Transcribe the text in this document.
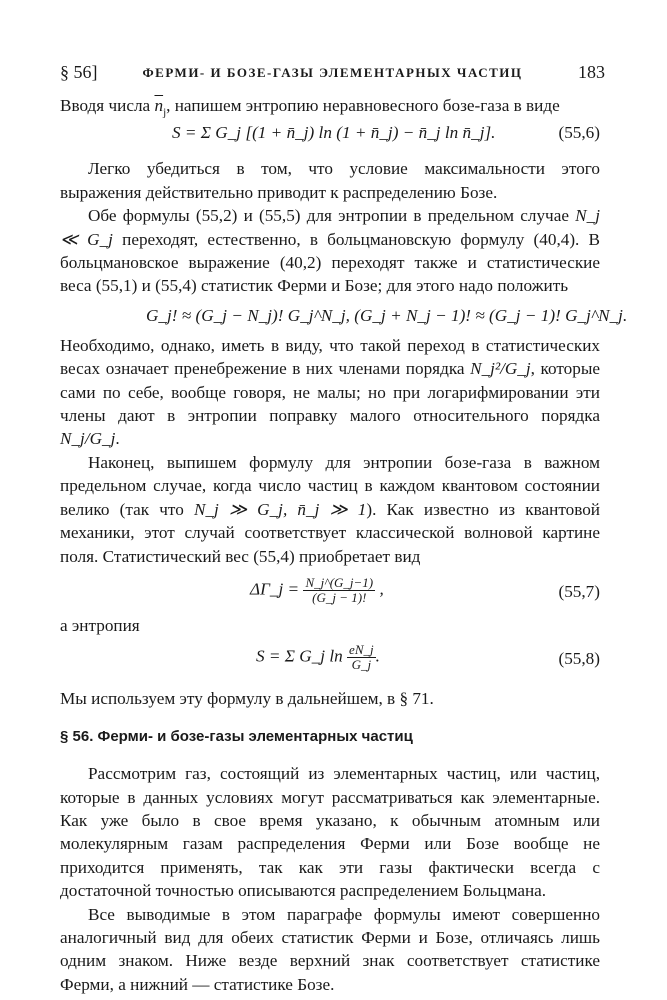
§ 56]	ФЕРМИ- И БОЗЕ-ГАЗЫ ЭЛЕМЕНТАРНЫХ ЧАСТИЦ	183

Вводя числа $\overline{n}_j$, напишем энтропию неравновесного бозе-газа в виде

S = Σ G_j [(1 + n̄_j) ln (1 + n̄_j) − n̄_j ln n̄_j].	(55,6)

Легко убедиться в том, что условие максимальности этого выражения действительно приводит к распределению Бозе.

Обе формулы (55,2) и (55,5) для энтропии в предельном случае N_j ≪ G_j переходят, естественно, в больцмановскую формулу (40,4). В больцмановское выражение (40,2) переходят также и статистические веса (55,1) и (55,4) статистик Ферми и Бозе; для этого надо положить

G_j! ≈ (G_j − N_j)! G_j^N_j, (G_j + N_j − 1)! ≈ (G_j − 1)! G_j^N_j.

Необходимо, однако, иметь в виду, что такой переход в статистических весах означает пренебрежение в них членами порядка N_j²/G_j, которые сами по себе, вообще говоря, не малы; но при логарифмировании эти члены дают в энтропии поправку малого относительного порядка N_j/G_j.

Наконец, выпишем формулу для энтропии бозе-газа в важном предельном случае, когда число частиц в каждом квантовом состоянии велико (так что N_j ≫ G_j, n̄_j ≫ 1). Как известно из квантовой механики, этот случай соответствует классической волновой картине поля. Статистический вес (55,4) приобретает вид

ΔΓ_j = $\frac{N\_j\^{}(G\_j-1)}{(G\_j - 1)!}$ ,	(55,7)

а энтропия

S = Σ G_j $\ln \frac{eN\_j}{G\_j}$ .	(55,8)

Мы используем эту формулу в дальнейшем, в § 71.

§ 56. Ферми- и бозе-газы элементарных частиц

Рассмотрим газ, состоящий из элементарных частиц, или частиц, которые в данных условиях могут рассматриваться как элементарные. Как уже было в свое время указано, к обычным атомным или молекулярным газам распределения Ферми или Бозе вообще не приходится применять, так как эти газы фактически всегда с достаточной точностью описываются распределением Больцмана.

Все выводимые в этом параграфе формулы имеют совершенно аналогичный вид для обеих статистик Ферми и Бозе, отличаясь лишь одним знаком. Ниже везде верхний знак соответствует статистике Ферми, а нижний — статистике Бозе.
